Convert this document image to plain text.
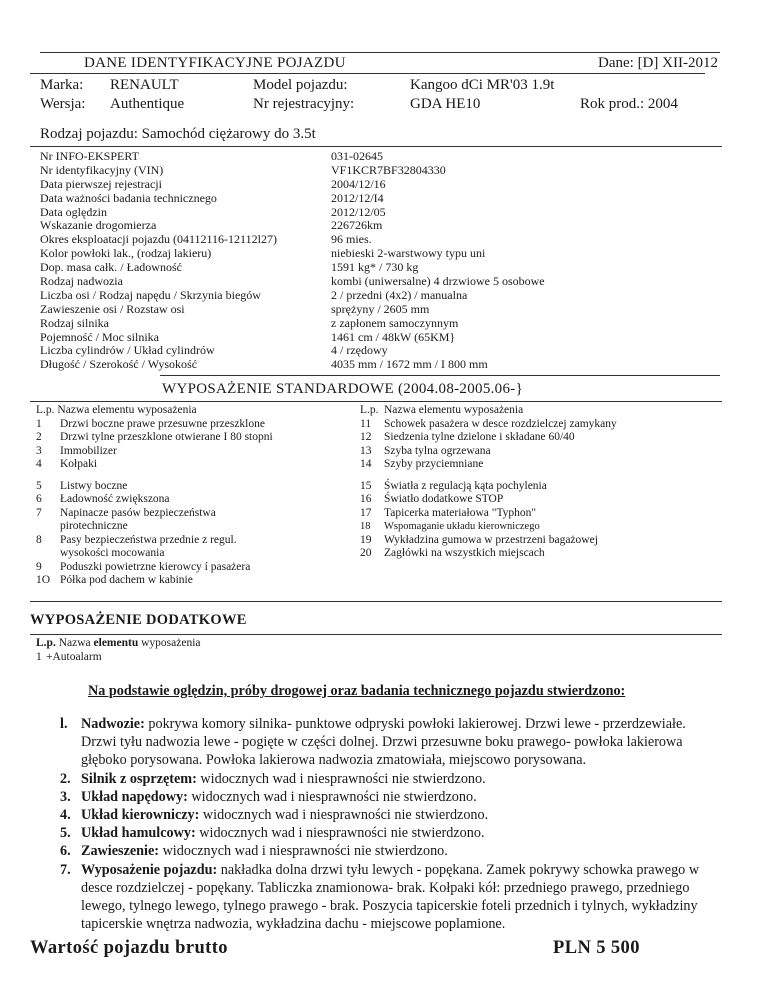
DANE IDENTYFIKACYJNE POJAZDU	Dane: [D] XII-2012
Marka: RENAULT	Model pojazdu:	Kangoo dCi MR'03 1.9t
Wersja: Authentique	Nr rejestracyjny:	GDA HE10	Rok prod.: 2004
Rodzaj pojazdu: Samochód ciężarowy do 3.5t
Nr INFO-EKSPERT	031-02645
Nr identyfikacyjny (VIN)	VF1KCR7BF32804330
Data pierwszej rejestracji	2004/12/16
Data ważności badania technicznego	2012/12/I4
Data oględzin	2012/12/05
Wskazanie drogomierza	226726km
Okres eksploatacji pojazdu (04112116-12112l27)	96 mies.
Kolor powłoki lak., (rodzaj lakieru)	niebieski 2-warstwowy typu uni
Dop. masa całk. / Ładowność	1591 kg* / 730 kg
Rodzaj nadwozia	kombi (uniwersalne) 4 drzwiowe 5 osobowe
Liczba osi / Rodzaj napędu / Skrzynia biegów	2 / przedni (4x2) / manualna
Zawieszenie osi / Rozstaw osi	sprężyny / 2605 mm
Rodzaj silnika	z zapłonem samoczynnym
Pojemność / Moc silnika	1461 cm / 48kW (65KM}
Liczba cylindrów / Układ cylindrów	4 / rzędowy
Długość / Szerokość / Wysokość	4035 mm / 1672 mm / I 800 mm
WYPOSAŻENIE STANDARDOWE (2004.08-2005.06-}
L.p. Nazwa elementu wyposażenia
1	Drzwi boczne prawe przesuwne przeszklone
2	Drzwi tylne przeszklone otwierane I 80 stopni
3	Immobilizer
4	Kołpaki
5	Listwy boczne
6	Ładowność zwiększona
7	Napinacze pasów bezpieczeństwa
pirotechniczne
8	Pasy bezpieczeństwa przednie z regul.
wysokości mocowania
9	Poduszki powietrzne kierowcy í pasażera
1O Półka pod dachem w kabinie
L.p. Nazwa elementu wyposażenia
11	Schowek pasażera w desce rozdzielczej zamykany
12	Siedzenia tylne dzielone i składane 60/40
13	Szyba tylna ogrzewana
14	Szyby przyciemniane
15	Światła z regulacją kąta pochylenia
16	Światło dodatkowe STOP
17	Tapicerka materiałowa "Typhon"
18	Wspomaganie układu kierowniczego
19	Wykładzina gumowa w przestrzeni bagażowej
20	Zagłówki na wszystkich miejscach
WYPOSAŻENIE DODATKOWE
L.p. Nazwa elementu wyposażenia
1 +Autoalarm
Na podstawie oględzin, próby drogowej oraz badania technicznego pojazdu stwierdzono:
l. Nadwozie: pokrywa komory silnika- punktowe odpryski powłoki lakierowej. Drzwi lewe - przerdzewiałe. Drzwi tyłu nadwozia lewe - pogięte w części dolnej. Drzwi przesuwne boku prawego- powłoka lakierowa głęboko porysowana. Powłoka lakierowa nadwozia zmatowiała, miejscowo porysowana.
2. Silnik z osprzętem: widocznych wad i niesprawności nie stwierdzono.
3. Układ napędowy: widocznych wad i niesprawności nie stwierdzono.
4. Układ kierowniczy: widocznych wad i niesprawności nie stwierdzono.
5. Układ hamulcowy: widocznych wad i niesprawności nie stwierdzono.
6. Zawieszenie: widocznych wad i niesprawności nie stwierdzono.
7. Wyposażenie pojazdu: nakładka dolna drzwi tyłu lewych - popękana. Zamek pokrywy schowka prawego w desce rozdzielczej - popękany. Tabliczka znamionowa- brak. Kołpaki kół: przedniego prawego, przedniego lewego, tylnego lewego, tylnego prawego - brak. Poszycia tapicerskie foteli przednich i tylnych, wykładziny tapicerskie wnętrza nadwozia, wykładzina dachu - miejscowe poplamione.
Wartość pojazdu brutto	PLN 5 500
